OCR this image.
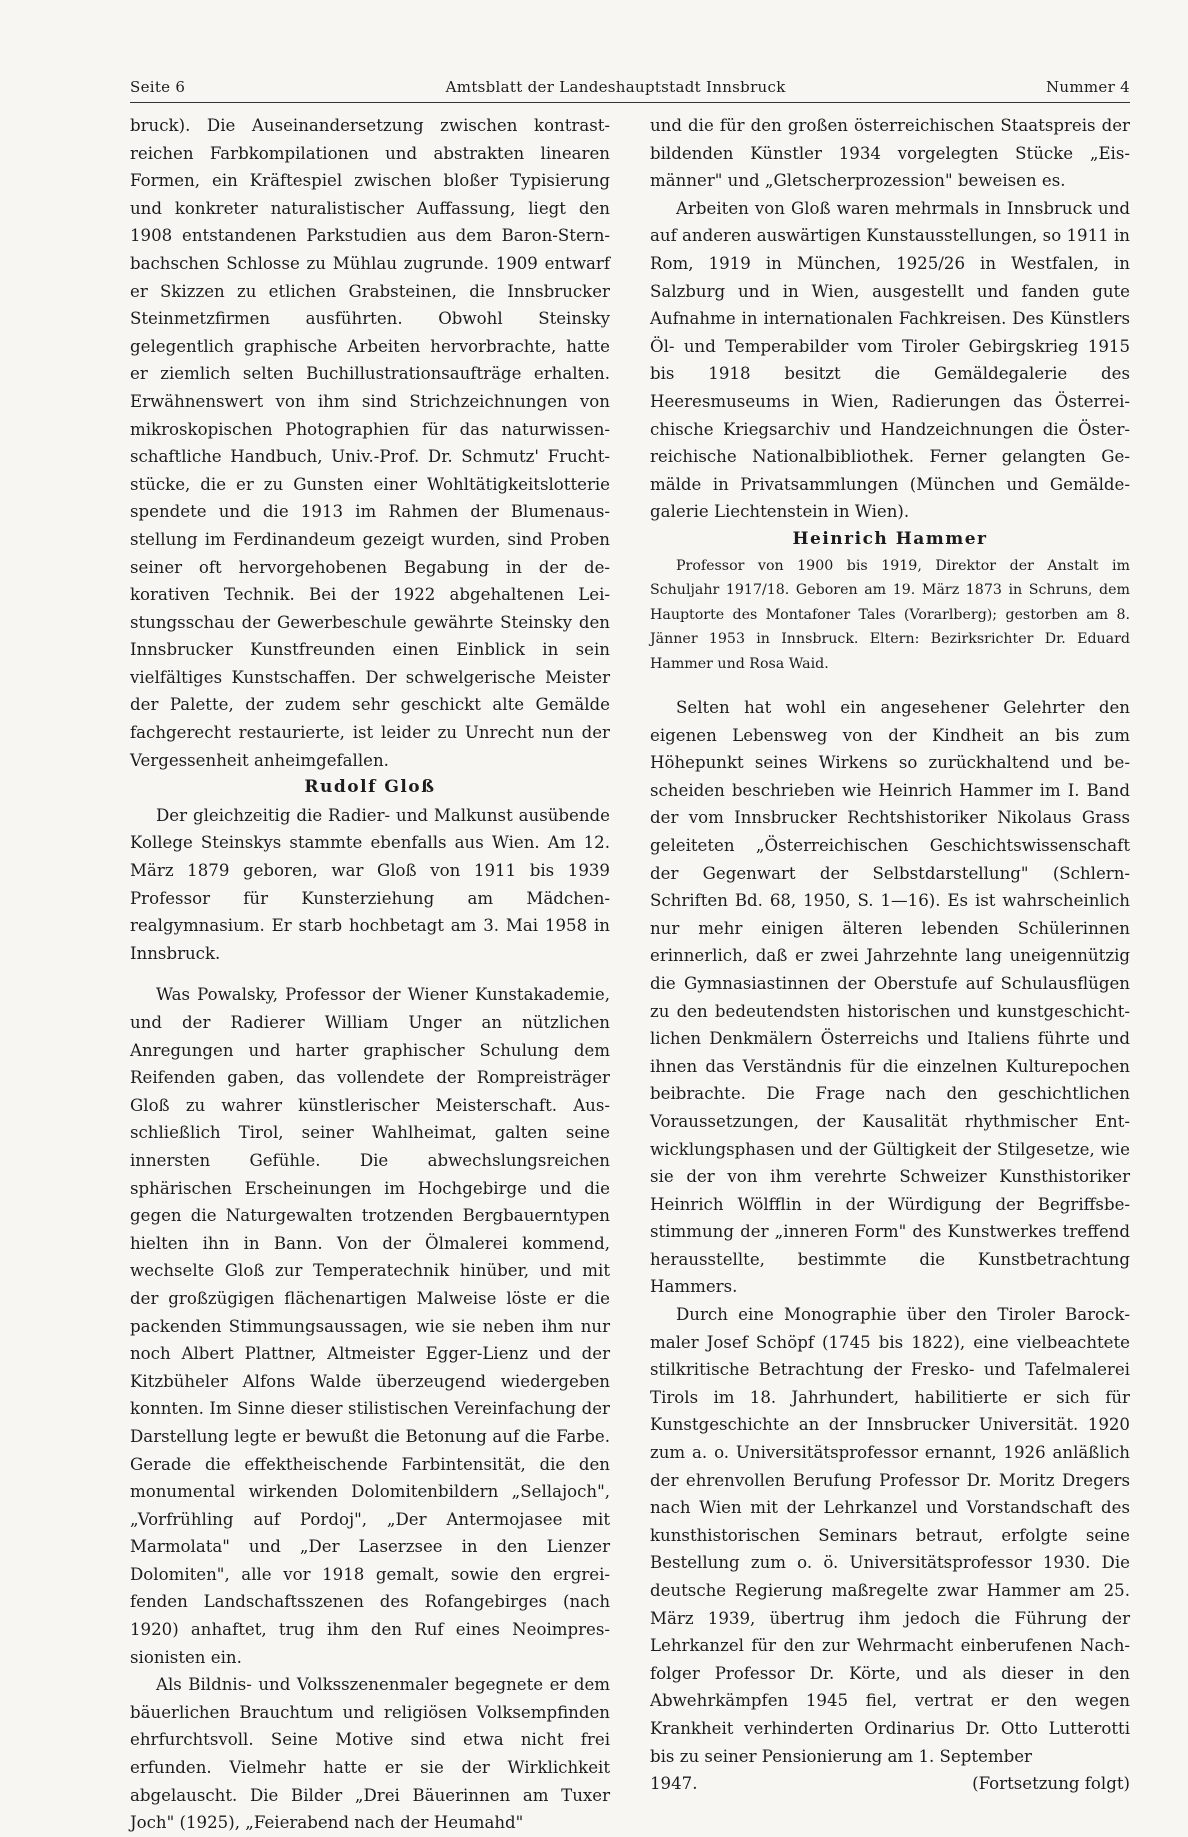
Seite 6	Amtsblatt der Landeshauptstadt Innsbruck	Nummer 4

bruck). Die Auseinandersetzung zwischen kontrastreichen Farbkompilationen und abstrakten linearen Formen, ein Kräftespiel zwischen bloßer Typisierung und konkreter naturalistischer Auffassung, liegt den 1908 entstandenen Parkstudien aus dem Baron-Sternbachschen Schlosse zu Mühlau zugrunde. 1909 entwarf er Skizzen zu etlichen Grabsteinen, die Innsbrucker Steinmetzfirmen ausführten. Obwohl Steinsky gelegentlich graphische Arbeiten hervorbrachte, hatte er ziemlich selten Buchillustrationsaufträge erhalten. Erwähnenswert von ihm sind Strichzeichnungen von mikroskopischen Photographien für das naturwissenschaftliche Handbuch, Univ.-Prof. Dr. Schmutz' Fruchtstücke, die er zu Gunsten einer Wohltätigkeitslotterie spendete und die 1913 im Rahmen der Blumenausstellung im Ferdinandeum gezeigt wurden, sind Proben seiner oft hervorgehobenen Begabung in der dekorativen Technik. Bei der 1922 abgehaltenen Leistungsschau der Gewerbeschule gewährte Steinsky den Innsbrucker Kunstfreunden einen Einblick in sein vielfältiges Kunstschaffen. Der schwelgerische Meister der Palette, der zudem sehr geschickt alte Gemälde fachgerecht restaurierte, ist leider zu Unrecht nun der Vergessenheit anheimgefallen.

Rudolf Gloß

Der gleichzeitig die Radier- und Malkunst ausübende Kollege Steinskys stammte ebenfalls aus Wien. Am 12. März 1879 geboren, war Gloß von 1911 bis 1939 Professor für Kunsterziehung am Mädchenrealgymnasium. Er starb hochbetagt am 3. Mai 1958 in Innsbruck.

Was Powalsky, Professor der Wiener Kunstakademie, und der Radierer William Unger an nützlichen Anregungen und harter graphischer Schulung dem Reifenden gaben, das vollendete der Rompreisträger Gloß zu wahrer künstlerischer Meisterschaft. Ausschließlich Tirol, seiner Wahlheimat, galten seine innersten Gefühle. Die abwechslungsreichen sphärischen Erscheinungen im Hochgebirge und die gegen die Naturgewalten trotzenden Bergbauerntypen hielten ihn in Bann. Von der Ölmalerei kommend, wechselte Gloß zur Temperatechnik hinüber, und mit der großzügigen flächenartigen Malweise löste er die packenden Stimmungsaussagen, wie sie neben ihm nur noch Albert Plattner, Altmeister Egger-Lienz und der Kitzbüheler Alfons Walde überzeugend wiedergeben konnten. Im Sinne dieser stilistischen Vereinfachung der Darstellung legte er bewußt die Betonung auf die Farbe. Gerade die effektheischende Farbintensität, die den monumental wirkenden Dolomitenbildern „Sellajoch", „Vorfrühling auf Pordoj", „Der Antermojasee mit Marmolata" und „Der Laserzsee in den Lienzer Dolomiten", alle vor 1918 gemalt, sowie den ergreifenden Landschaftsszenen des Rofangebirges (nach 1920) anhaftet, trug ihm den Ruf eines Neoimpressionisten ein.

Als Bildnis- und Volksszenenmaler begegnete er dem bäuerlichen Brauchtum und religiösen Volksempfinden ehrfurchtsvoll. Seine Motive sind etwa nicht frei erfunden. Vielmehr hatte er sie der Wirklichkeit abgelauscht. Die Bilder „Drei Bäuerinnen am Tuxer Joch" (1925), „Feierabend nach der Heumahd"

und die für den großen österreichischen Staatspreis der bildenden Künstler 1934 vorgelegten Stücke „Eismänner" und „Gletscherprozession" beweisen es.

Arbeiten von Gloß waren mehrmals in Innsbruck und auf anderen auswärtigen Kunstausstellungen, so 1911 in Rom, 1919 in München, 1925/26 in Westfalen, in Salzburg und in Wien, ausgestellt und fanden gute Aufnahme in internationalen Fachkreisen. Des Künstlers Öl- und Temperabilder vom Tiroler Gebirgskrieg 1915 bis 1918 besitzt die Gemäldegalerie des Heeresmuseums in Wien, Radierungen das Österreichische Kriegsarchiv und Handzeichnungen die Österreichische Nationalbibliothek. Ferner gelangten Gemälde in Privatsammlungen (München und Gemäldegalerie Liechtenstein in Wien).

Heinrich Hammer

Professor von 1900 bis 1919, Direktor der Anstalt im Schuljahr 1917/18. Geboren am 19. März 1873 in Schruns, dem Hauptorte des Montafoner Tales (Vorarlberg); gestorben am 8. Jänner 1953 in Innsbruck. Eltern: Bezirksrichter Dr. Eduard Hammer und Rosa Waid.

Selten hat wohl ein angesehener Gelehrter den eigenen Lebensweg von der Kindheit an bis zum Höhepunkt seines Wirkens so zurückhaltend und bescheiden beschrieben wie Heinrich Hammer im I. Band der vom Innsbrucker Rechtshistoriker Nikolaus Grass geleiteten „Österreichischen Geschichtswissenschaft der Gegenwart der Selbstdarstellung" (Schlern-Schriften Bd. 68, 1950, S. 1—16). Es ist wahrscheinlich nur mehr einigen älteren lebenden Schülerinnen erinnerlich, daß er zwei Jahrzehnte lang uneigennützig die Gymnasiastinnen der Oberstufe auf Schulausflügen zu den bedeutendsten historischen und kunstgeschichtlichen Denkmälern Österreichs und Italiens führte und ihnen das Verständnis für die einzelnen Kulturepochen beibrachte. Die Frage nach den geschichtlichen Voraussetzungen, der Kausalität rhythmischer Entwicklungsphasen und der Gültigkeit der Stilgesetze, wie sie der von ihm verehrte Schweizer Kunsthistoriker Heinrich Wölfflin in der Würdigung der Begriffsbestimmung der „inneren Form" des Kunstwerkes treffend herausstellte, bestimmte die Kunstbetrachtung Hammers.

Durch eine Monographie über den Tiroler Barockmaler Josef Schöpf (1745 bis 1822), eine vielbeachtete stilkritische Betrachtung der Fresko- und Tafelmalerei Tirols im 18. Jahrhundert, habilitierte er sich für Kunstgeschichte an der Innsbrucker Universität. 1920 zum a. o. Universitätsprofessor ernannt, 1926 anläßlich der ehrenvollen Berufung Professor Dr. Moritz Dregers nach Wien mit der Lehrkanzel und Vorstandschaft des kunsthistorischen Seminars betraut, erfolgte seine Bestellung zum o. ö. Universitätsprofessor 1930. Die deutsche Regierung maßregelte zwar Hammer am 25. März 1939, übertrug ihm jedoch die Führung der Lehrkanzel für den zur Wehrmacht einberufenen Nachfolger Professor Dr. Körte, und als dieser in den Abwehrkämpfen 1945 fiel, vertrat er den wegen Krankheit verhinderten Ordinarius Dr. Otto Lutterotti bis zu seiner Pensionierung am 1. September

1947.	(Fortsetzung folgt)
